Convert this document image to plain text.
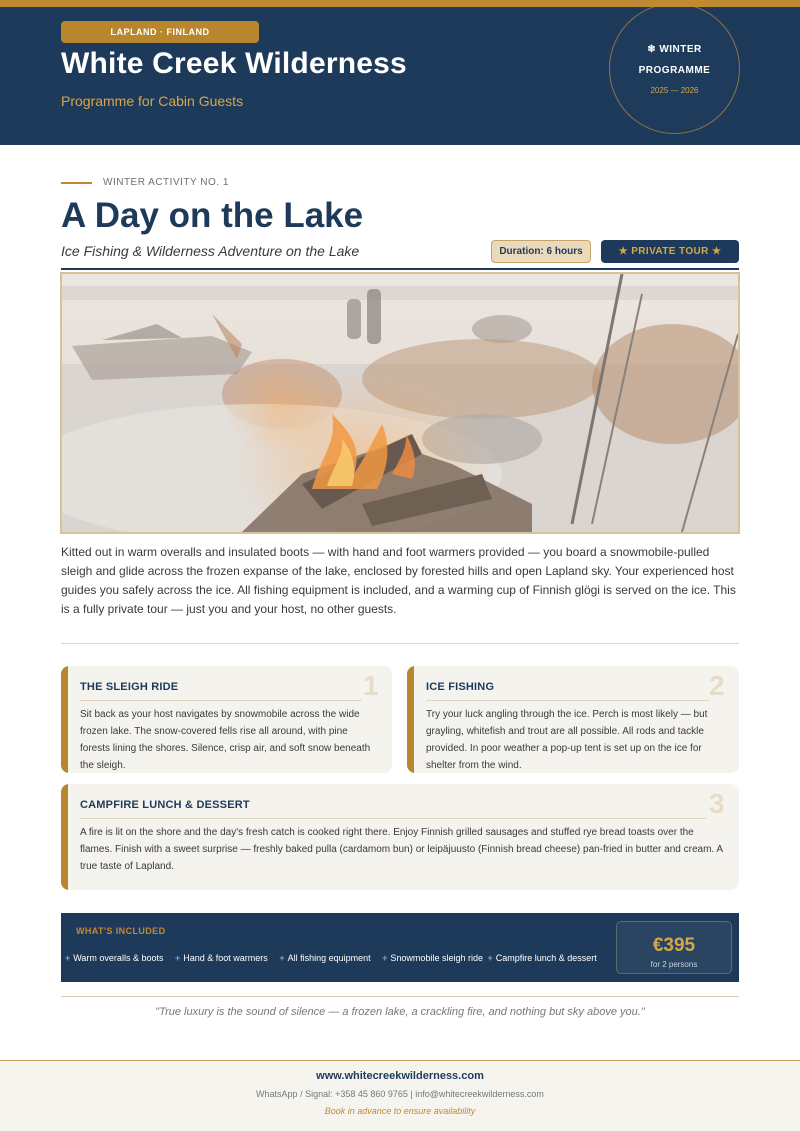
LAPLAND · FINLAND
White Creek Wilderness
Programme for Cabin Guests
❄ WINTER
PROGRAMME
2025 — 2026
WINTER ACTIVITY NO. 1
A Day on the Lake
Ice Fishing & Wilderness Adventure on the Lake	Duration: 6 hours	★ PRIVATE TOUR ★
Kitted out in warm overalls and insulated boots — with hand and foot warmers provided — you board a snowmobile-pulled sleigh and glide across the frozen expanse of the lake, enclosed by forested hills and open Lapland sky. Your experienced host guides you safely across the ice. All fishing equipment is included, and a warming cup of Finnish glögi is served on the ice. This is a fully private tour — just you and your host, no other guests.
THE SLEIGH RIDE	1

Sit back as your host navigates by snowmobile across the wide frozen lake. The snow-covered fells rise all around, with pine forests lining the shores. Silence, crisp air, and soft snow beneath the sleigh.

ICE FISHING	2

Try your luck angling through the ice. Perch is most likely — but grayling, whitefish and trout are all possible. All rods and tackle provided. In poor weather a pop-up tent is set up on the ice for shelter from the wind.

CAMPFIRE LUNCH & DESSERT	3

A fire is lit on the shore and the day's fresh catch is cooked right there. Enjoy Finnish grilled sausages and stuffed rye bread toasts over the flames. Finish with a sweet surprise — freshly baked pulla (cardamom bun) or leipäjuusto (Finnish bread cheese) pan-fried in butter and cream. A true taste of Lapland.

WHAT'S INCLUDED
+ Warm overalls & boots + Hand & foot warmers + All fishing equipment + Snowmobile sleigh ride + Campfire lunch & dessert
€395
for 2 persons
"True luxury is the sound of silence — a frozen lake, a crackling fire, and nothing but sky above you."
www.whitecreekwilderness.com
WhatsApp / Signal: +358 45 860 9765 | info@whitecreekwilderness.com
Book in advance to ensure availability
